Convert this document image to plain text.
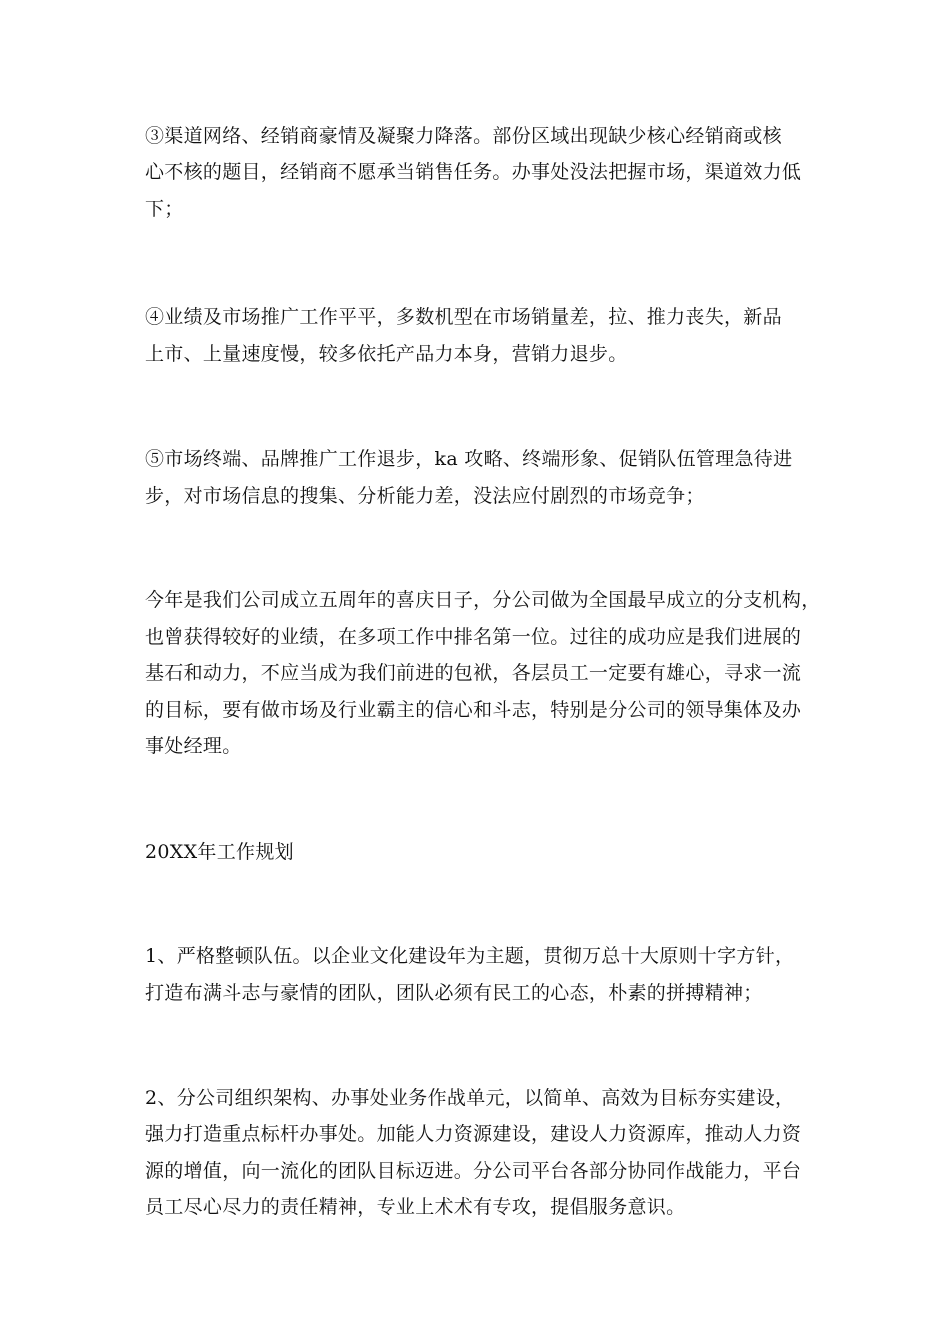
③渠道网络、经销商豪情及凝聚力降落。部份区域出现缺少核心经销商或核
心不核的题目，经销商不愿承当销售任务。办事处没法把握市场，渠道效力低
下；
④业绩及市场推广工作平平，多数机型在市场销量差，拉、推力丧失，新品
上市、上量速度慢，较多依托产品力本身，营销力退步。
⑤市场终端、品牌推广工作退步，ka 攻略、终端形象、促销队伍管理急待进
步，对市场信息的搜集、分析能力差，没法应付剧烈的市场竞争；
今年是我们公司成立五周年的喜庆日子，分公司做为全国最早成立的分支机构，
也曾获得较好的业绩，在多项工作中排名第一位。过往的成功应是我们进展的
基石和动力，不应当成为我们前进的包袱，各层员工一定要有雄心，寻求一流
的目标，要有做市场及行业霸主的信心和斗志，特别是分公司的领导集体及办
事处经理。
20XX年工作规划
1、严格整顿队伍。以企业文化建设年为主题，贯彻万总十大原则十字方针，
打造布满斗志与豪情的团队，团队必须有民工的心态，朴素的拼搏精神；
2、分公司组织架构、办事处业务作战单元，以简单、高效为目标夯实建设，
强力打造重点标杆办事处。加能人力资源建设，建设人力资源库，推动人力资
源的增值，向一流化的团队目标迈进。分公司平台各部分协同作战能力，平台
员工尽心尽力的责任精神，专业上术术有专攻，提倡服务意识。
